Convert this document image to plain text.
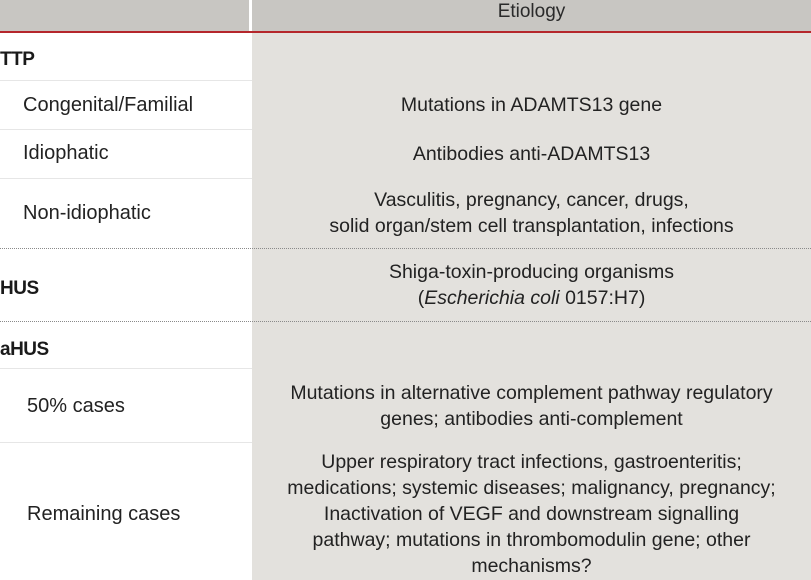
Etiology
TTP
Congenital/Familial	Mutations in ADAMTS13 gene
Idiophatic	Antibodies anti-ADAMTS13
Non-idiophatic
Vasculitis, pregnancy, cancer, drugs,
solid organ/stem cell transplantation, infections
HUS
Shiga-toxin-producing organisms
(Escherichia coli 0157:H7)
aHUS
50% cases
Mutations in alternative complement pathway regulatory
genes; antibodies anti-complement
Remaining cases
Upper respiratory tract infections, gastroenteritis;
medications; systemic diseases; malignancy, pregnancy;
Inactivation of VEGF and downstream signalling
pathway; mutations in thrombomodulin gene; other
mechanisms?
